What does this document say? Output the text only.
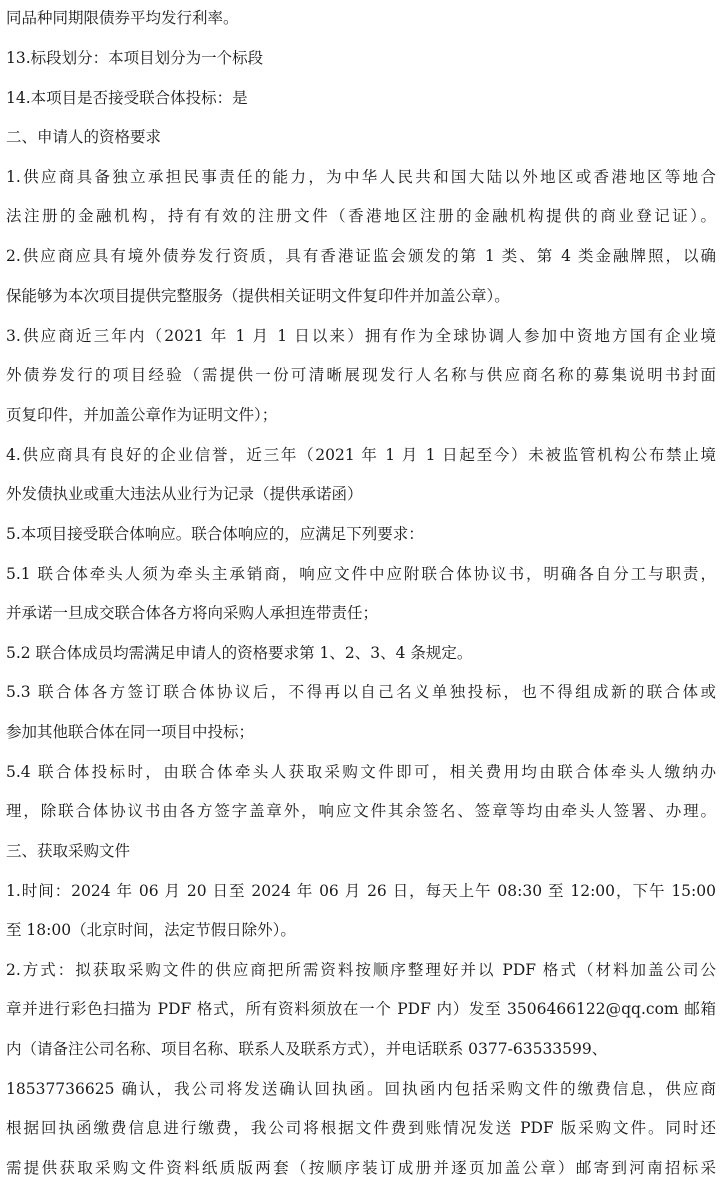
同品种同期限债券平均发行利率。
13.标段划分：本项目划分为一个标段
14.本项目是否接受联合体投标：是
二、申请人的资格要求
1.供应商具备独立承担民事责任的能力，为中华人民共和国大陆以外地区或香港地区等地合
法注册的金融机构，持有有效的注册文件（香港地区注册的金融机构提供的商业登记证）。
2.供应商应具有境外债券发行资质，具有香港证监会颁发的第 1 类、第 4 类金融牌照，以确
保能够为本次项目提供完整服务（提供相关证明文件复印件并加盖公章）。
3.供应商近三年内（2021 年 1 月 1 日以来）拥有作为全球协调人参加中资地方国有企业境
外债券发行的项目经验（需提供一份可清晰展现发行人名称与供应商名称的募集说明书封面
页复印件，并加盖公章作为证明文件）；
4.供应商具有良好的企业信誉，近三年（2021 年 1 月 1 日起至今）未被监管机构公布禁止境
外发债执业或重大违法从业行为记录（提供承诺函）
5.本项目接受联合体响应。联合体响应的，应满足下列要求：
5.1 联合体牵头人须为牵头主承销商，响应文件中应附联合体协议书，明确各自分工与职责，
并承诺一旦成交联合体各方将向采购人承担连带责任；
5.2 联合体成员均需满足申请人的资格要求第 1、2、3、4 条规定。
5.3 联合体各方签订联合体协议后，不得再以自己名义单独投标，也不得组成新的联合体或
参加其他联合体在同一项目中投标；
5.4 联合体投标时，由联合体牵头人获取采购文件即可，相关费用均由联合体牵头人缴纳办
理，除联合体协议书由各方签字盖章外，响应文件其余签名、签章等均由牵头人签署、办理。
三、获取采购文件
1.时间：2024 年 06 月 20 日至 2024 年 06 月 26 日，每天上午 08:30 至 12:00，下午 15:00
至 18:00（北京时间，法定节假日除外）。
2.方式：拟获取采购文件的供应商把所需资料按顺序整理好并以 PDF 格式（材料加盖公司公
章并进行彩色扫描为 PDF 格式，所有资料须放在一个 PDF 内）发至 3506466122@qq.com 邮箱
内（请备注公司名称、项目名称、联系人及联系方式），并电话联系 0377-63533599、
18537736625 确认，我公司将发送确认回执函。回执函内包括采购文件的缴费信息，供应商
根据回执函缴费信息进行缴费，我公司将根据文件费到账情况发送 PDF 版采购文件。同时还
需提供获取采购文件资料纸质版两套（按顺序装订成册并逐页加盖公章）邮寄到河南招标采
